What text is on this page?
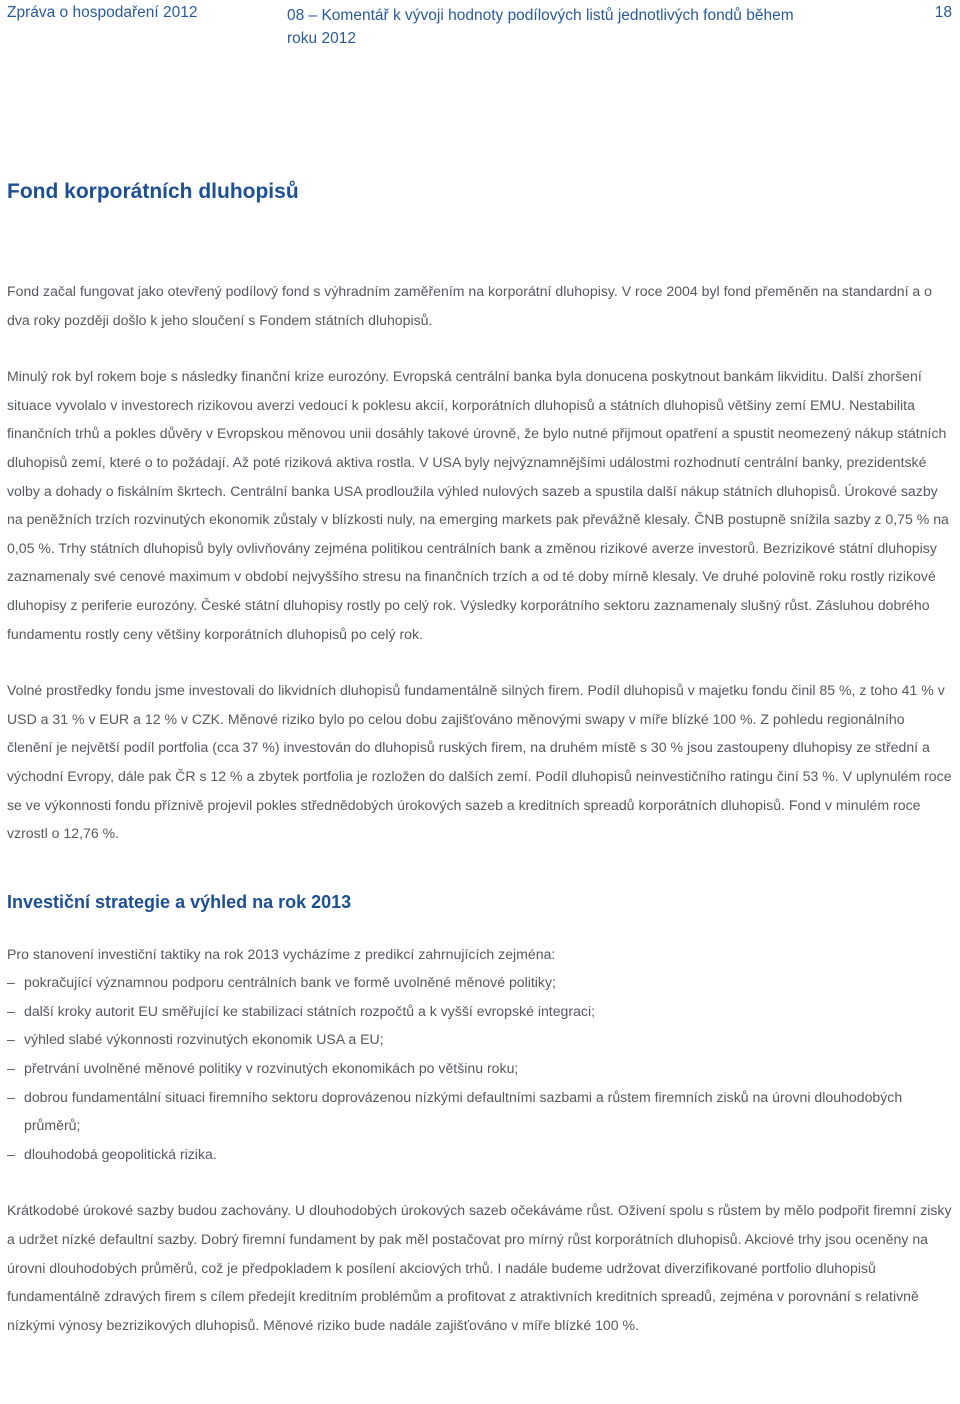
Zpráva o hospodaření 2012	08 – Komentář k vývoji hodnoty podílových listů jednotlivých fondů během roku 2012
18
Fond korporátních dluhopisů

Fond začal fungovat jako otevřený podílový fond s výhradním zaměřením na korporátní dluhopisy. V roce 2004 byl fond přeměněn na standardní a o dva roky později došlo k jeho sloučení s Fondem státních dluhopisů.

Minulý rok byl rokem boje s následky finanční krize eurozóny. Evropská centrální banka byla donucena poskytnout bankám likviditu. Další zhoršení situace vyvolalo v investorech rizikovou averzi vedoucí k poklesu akcií, korporátních dluhopisů a státních dluhopisů většiny zemí EMU. Nestabilita finančních trhů a pokles důvěry v Evropskou měnovou unii dosáhly takové úrovně, že bylo nutné přijmout opatření a spustit neomezený nákup státních dluhopisů zemí, které o to požádají. Až poté riziková aktiva rostla. V USA byly nejvýznamnějšími událostmi rozhodnutí centrální banky, prezidentské volby a dohady o fiskálním škrtech. Centrální banka USA prodloužila výhled nulových sazeb a spustila další nákup státních dluhopisů. Úrokové sazby na peněžních trzích rozvinutých ekonomik zůstaly v blízkosti nuly, na emerging markets pak převážně klesaly. ČNB postupně snížila sazby z 0,75 % na 0,05 %. Trhy státních dluhopisů byly ovlivňovány zejména politikou centrálních bank a změnou rizikové averze investorů. Bezrizikové státní dluhopisy zaznamenaly své cenové maximum v období nejvyššího stresu na finančních trzích a od té doby mírně klesaly. Ve druhé polovině roku rostly rizikové dluhopisy z periferie eurozóny. České státní dluhopisy rostly po celý rok. Výsledky korporátního sektoru zaznamenaly slušný růst. Zásluhou dobrého fundamentu rostly ceny většiny korporátních dluhopisů po celý rok.

Volné prostředky fondu jsme investovali do likvidních dluhopisů fundamentálně silných firem. Podíl dluhopisů v majetku fondu činil 85 %, z toho 41 % v USD a 31 % v EUR a 12 % v CZK. Měnové riziko bylo po celou dobu zajišťováno měnovými swapy v míře blízké 100 %. Z pohledu regionálního členění je největší podíl portfolia (cca 37 %) investován do dluhopisů ruských firem, na druhém místě s 30 % jsou zastoupeny dluhopisy ze střední a východní Evropy, dále pak ČR s 12 % a zbytek portfolia je rozložen do dalších zemí. Podíl dluhopisů neinvestičního ratingu činí 53 %. V uplynulém roce se ve výkonnosti fondu příznivě projevil pokles střednědobých úrokových sazeb a kreditních spreadů korporátních dluhopisů. Fond v minulém roce vzrostl o 12,76 %.

Investiční strategie a výhled na rok 2013

Pro stanovení investiční taktiky na rok 2013 vycházíme z predikcí zahrnujících zejména:

– pokračující významnou podporu centrálních bank ve formě uvolněné měnové politiky;
– další kroky autorit EU směřující ke stabilizaci státních rozpočtů a k vyšší evropské integraci;
– výhled slabé výkonnosti rozvinutých ekonomik USA a EU;
– přetrvání uvolněné měnové politiky v rozvinutých ekonomikách po většinu roku;
– dobrou fundamentální situaci firemního sektoru doprovázenou nízkými defaultními sazbami a růstem firemních zisků na úrovni dlouhodobých průměrů;
– dlouhodobá geopolitická rizika.

Krátkodobé úrokové sazby budou zachovány. U dlouhodobých úrokových sazeb očekáváme růst. Oživení spolu s růstem by mělo podpořit firemní zisky a udržet nízké defaultní sazby. Dobrý firemní fundament by pak měl postačovat pro mírný růst korporátních dluhopisů. Akciové trhy jsou oceněny na úrovni dlouhodobých průměrů, což je předpokladem k posílení akciových trhů. I nadále budeme udržovat diverzifikované portfolio dluhopisů fundamentálně zdravých firem s cílem předejít kreditním problémům a profitovat z atraktivních kreditních spreadů, zejména v porovnání s relativně nízkými výnosy bezrizikových dluhopisů. Měnové riziko bude nadále zajišťováno v míře blízké 100 %.
